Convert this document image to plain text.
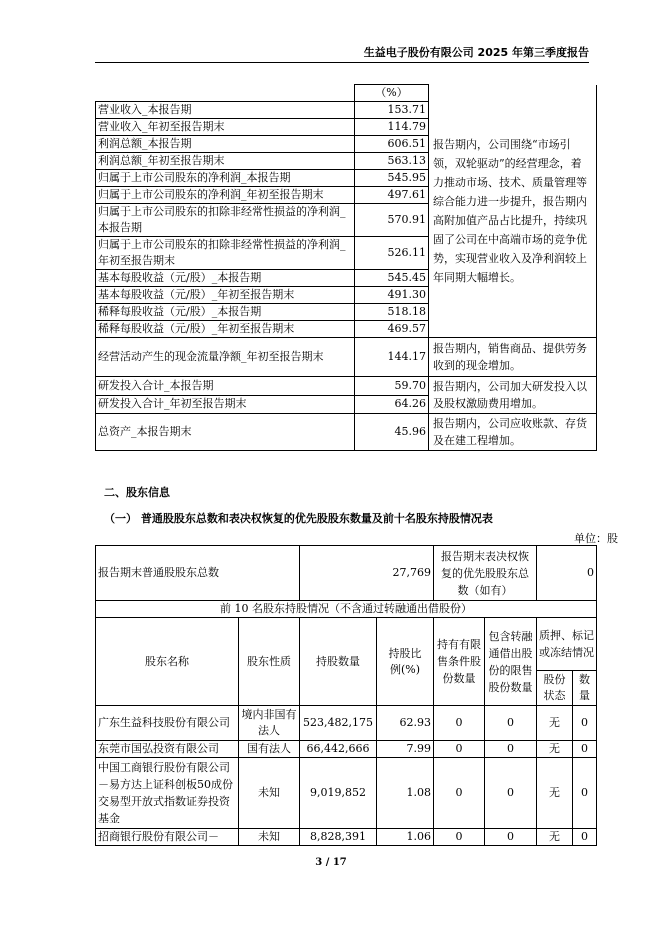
生益电子股份有限公司 2025 年第三季度报告
	（%）	报告期内，公司围绕“市场引领，双轮驱动”的经营理念，着力推动市场、技术、质量管理等综合能力进一步提升，报告期内高附加值产品占比提升，持续巩固了公司在中高端市场的竞争优势，实现营业收入及净利润较上年同期大幅增长。
营业收入_本报告期	153.71	
营业收入_年初至报告期末	114.79	
利润总额_本报告期	606.51	
利润总额_年初至报告期末	563.13	
归属于上市公司股东的净利润_本报告期	545.95	
归属于上市公司股东的净利润_年初至报告期末	497.61	
归属于上市公司股东的扣除非经常性损益的净利润_本报告期	570.91	
归属于上市公司股东的扣除非经常性损益的净利润_年初至报告期末	526.11	
基本每股收益（元/股）_本报告期	545.45	
基本每股收益（元/股）_年初至报告期末	491.30	
稀释每股收益（元/股）_本报告期	518.18	
稀释每股收益（元/股）_年初至报告期末	469.57	
经营活动产生的现金流量净额_年初至报告期末	144.17	报告期内，销售商品、提供劳务收到的现金增加。
研发投入合计_本报告期	59.70	报告期内，公司加大研发投入以及股权激励费用增加。
研发投入合计_年初至报告期末	64.26	
总资产_本报告期末	45.96	报告期内，公司应收账款、存货及在建工程增加。
二、股东信息
（一） 普通股股东总数和表决权恢复的优先股股东数量及前十名股东持股情况表
单位：股
报告期末普通股股东总数		27,769		报告期末表决权恢复的优先股股东总数（如有）		0	
前 10 名股东持股情况（不含通过转融通出借股份）							
股东名称	股东性质	持股数量	持股比例(%)	持有有限售条件股份数量	包含转融通借出股份的限售股份数量	质押、标记或冻结情况	
						股份状态	数量
广东生益科技股份有限公司	境内非国有法人	523,482,175	62.93	0	0	无	0
东莞市国弘投资有限公司	国有法人	66,442,666	7.99	0	0	无	0
中国工商银行股份有限公司－易方达上证科创板50成份交易型开放式指数证券投资基金	未知	9,019,852	1.08	0	0	无	0
招商银行股份有限公司－	未知	8,828,391	1.06	0	0	无	0
3 / 17
